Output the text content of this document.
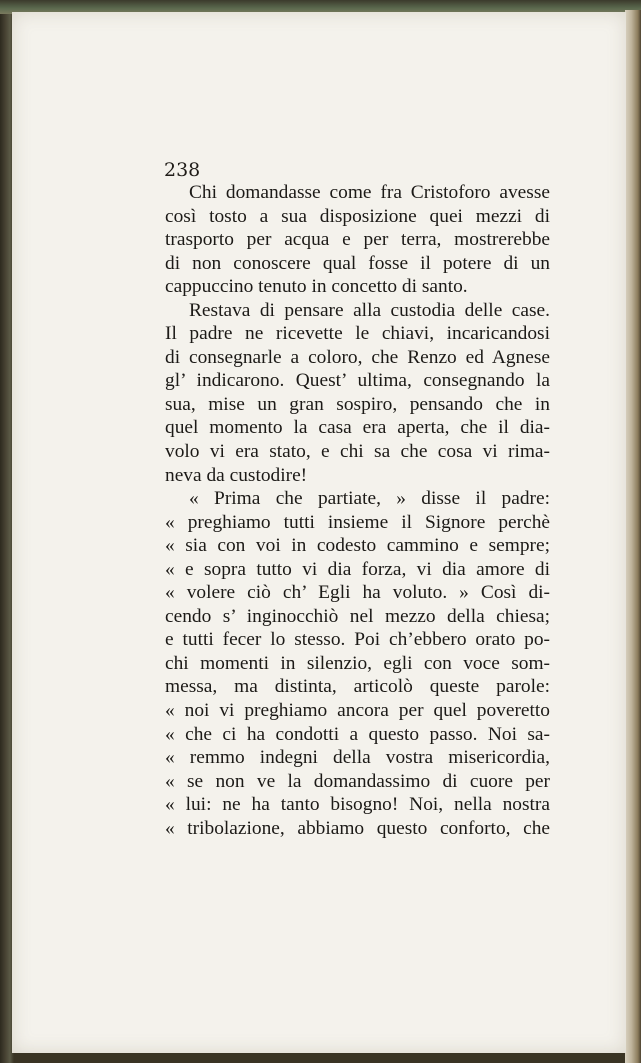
238

Chi domandasse come fra Cristoforo avesse
così tosto a sua disposizione quei mezzi di
trasporto per acqua e per terra, mostrerebbe
di non conoscere qual fosse il potere di un
cappuccino tenuto in concetto di santo.
Restava di pensare alla custodia delle case.
Il padre ne ricevette le chiavi, incaricandosi
di consegnarle a coloro, che Renzo ed Agnese
gl’ indicarono. Quest’ ultima, consegnando la
sua, mise un gran sospiro, pensando che in
quel momento la casa era aperta, che il dia-
volo vi era stato, e chi sa che cosa vi rima-
neva da custodire!
« Prima che partiate, » disse il padre:
« preghiamo tutti insieme il Signore perchè
« sia con voi in codesto cammino e sempre;
« e sopra tutto vi dia forza, vi dia amore di
« volere ciò ch’ Egli ha voluto. » Così di-
cendo s’ inginocchiò nel mezzo della chiesa;
e tutti fecer lo stesso. Poi ch’ebbero orato po-
chi momenti in silenzio, egli con voce som-
messa, ma distinta, articolò queste parole:
« noi vi preghiamo ancora per quel poveretto
« che ci ha condotti a questo passo. Noi sa-
« remmo indegni della vostra misericordia,
« se non ve la domandassimo di cuore per
« lui: ne ha tanto bisogno! Noi, nella nostra
« tribolazione, abbiamo questo conforto, che
